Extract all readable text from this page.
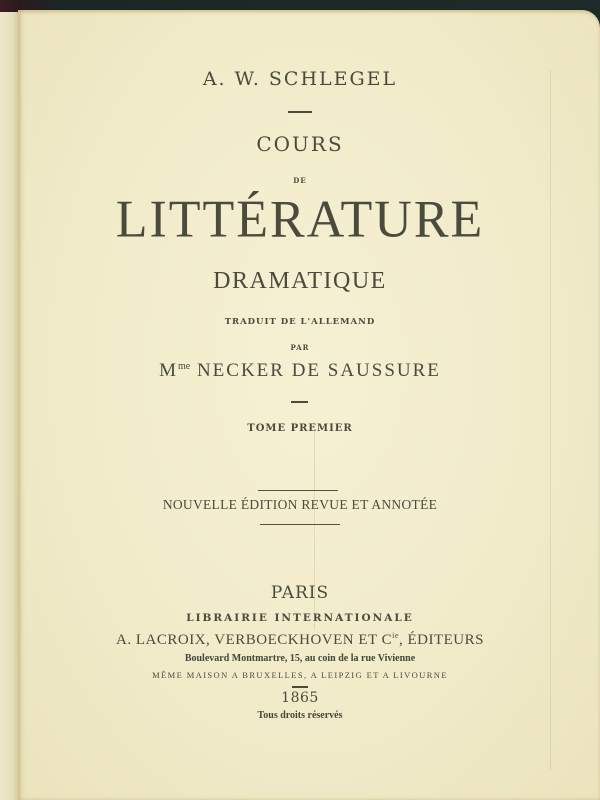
A. W. SCHLEGEL
COURS
DE
LITTÉRATURE
DRAMATIQUE
TRADUIT DE L'ALLEMAND
PAR
$M^{me}$ NECKER DE SAUSSURE
TOME PREMIER
NOUVELLE ÉDITION REVUE ET ANNOTÉE
PARIS
LIBRAIRIE INTERNATIONALE
A. LACROIX, VERBOECKHOVEN ET $C^{ie}$, ÉDITEURS
Boulevard Montmartre, 15, au coin de la rue Vivienne
MÊME MAISON A BRUXELLES, A LEIPZIG ET A LIVOURNE
1865
Tous droits réservés
